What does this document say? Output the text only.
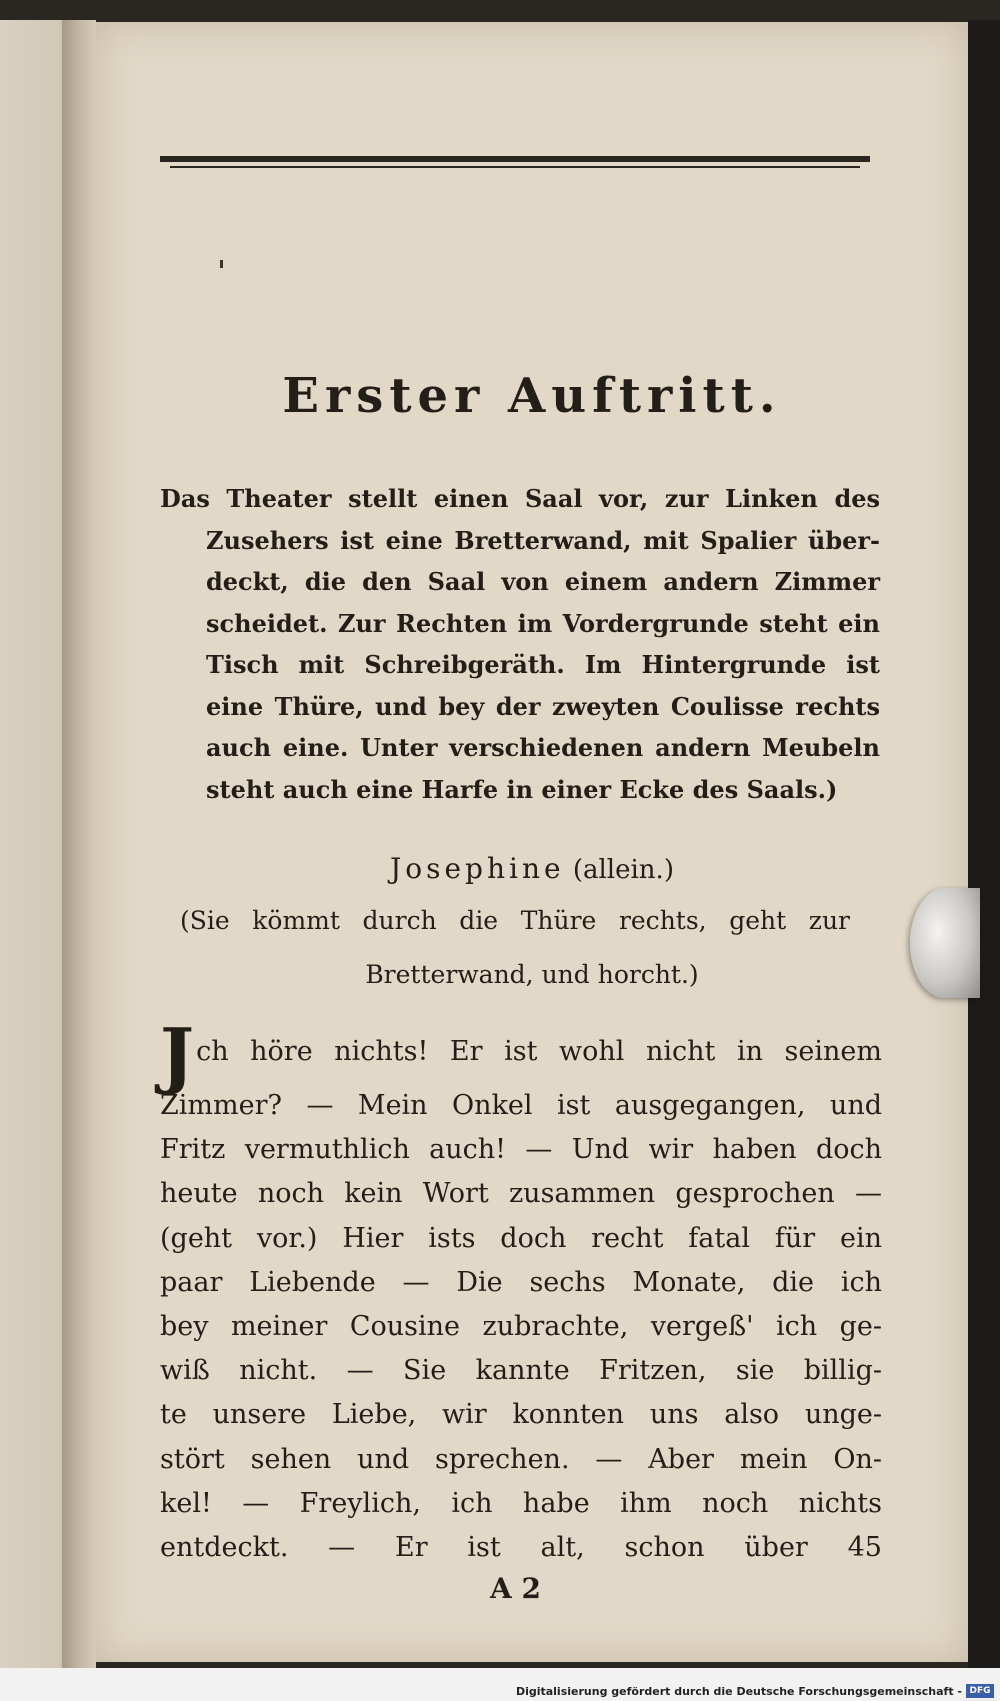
Erster Auftritt.
Das Theater stellt einen Saal vor, zur Linken des
Zusehers ist eine Bretterwand, mit Spalier über-
deckt, die den Saal von einem andern Zimmer
scheidet. Zur Rechten im Vordergrunde steht ein
Tisch mit Schreibgeräth. Im Hintergrunde ist
eine Thüre, und bey der zweyten Coulisse rechts
auch eine. Unter verschiedenen andern Meubeln
steht auch eine Harfe in einer Ecke des Saals.)
Josephine (allein.)
(Sie kömmt durch die Thüre rechts, geht zur
Bretterwand, und horcht.)
J ch höre nichts! Er ist wohl nicht in seinem
Zimmer? — Mein Onkel ist ausgegangen, und
Fritz vermuthlich auch! — Und wir haben doch
heute noch kein Wort zusammen gesprochen —
(geht vor.) Hier ists doch recht fatal für ein
paar Liebende — Die sechs Monate, die ich
bey meiner Cousine zubrachte, vergeß' ich ge-
wiß nicht. — Sie kannte Fritzen, sie billig-
te unsere Liebe, wir konnten uns also unge-
stört sehen und sprechen. — Aber mein On-
kel! — Freylich, ich habe ihm noch nichts
entdeckt. — Er ist alt, schon über 45
A 2
Digitalisierung gefördert durch die Deutsche Forschungsgemeinschaft - DFG
